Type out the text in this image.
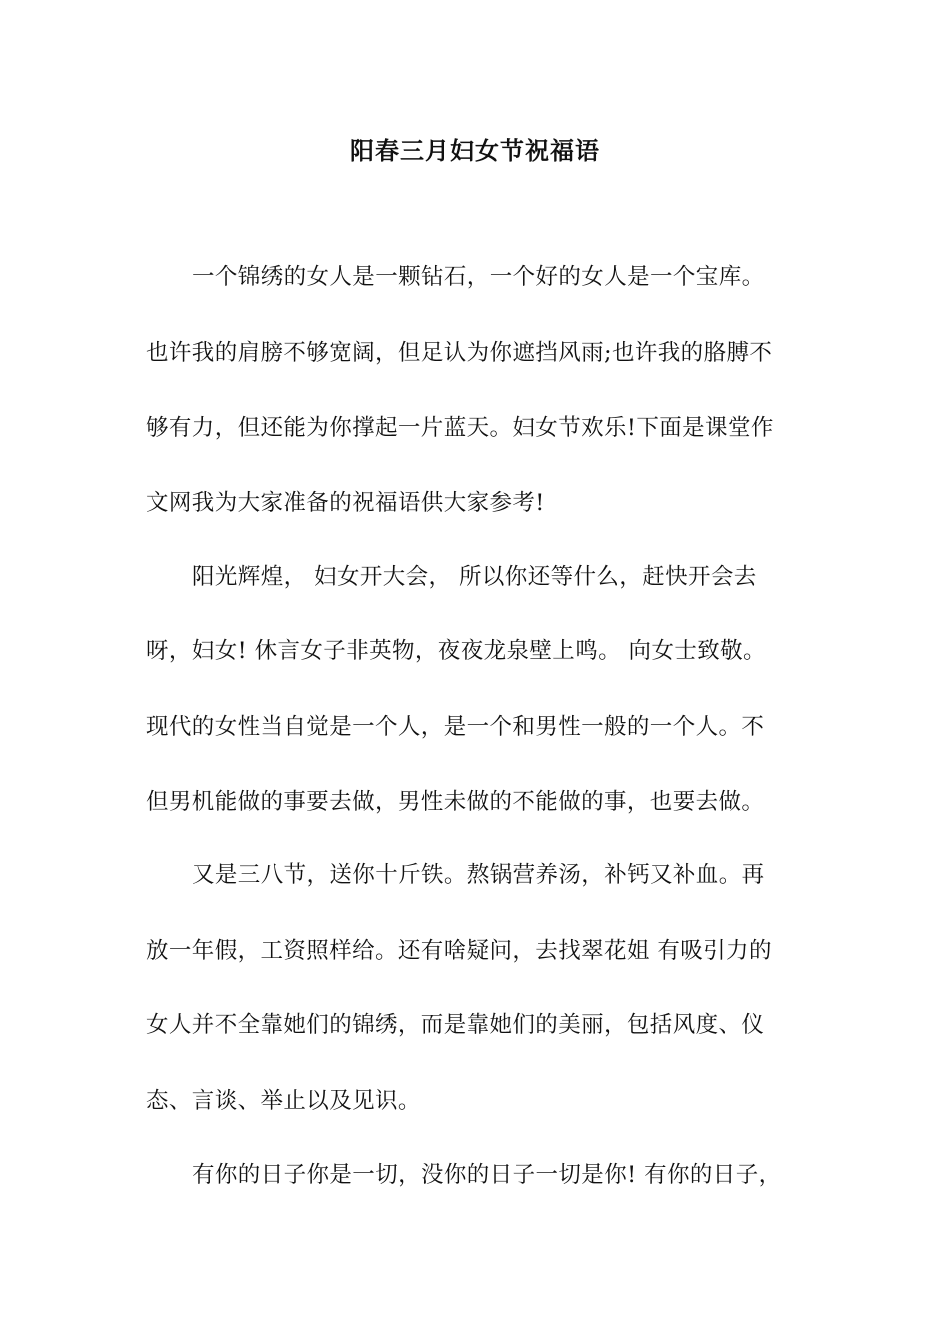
阳春三月妇女节祝福语
一个锦绣的女人是一颗钻石，一个好的女人是一个宝库。
也许我的肩膀不够宽阔，但足认为你遮挡风雨;也许我的胳膊不
够有力，但还能为你撑起一片蓝天。妇女节欢乐!下面是课堂作
文网我为大家准备的祝福语供大家参考!
阳光辉煌， 妇女开大会， 所以你还等什么，赶快开会去
呀，妇女! 休言女子非英物，夜夜龙泉壁上鸣。 向女士致敬。
现代的女性当自觉是一个人，是一个和男性一般的一个人。不
但男机能做的事要去做，男性未做的不能做的事，也要去做。
又是三八节，送你十斤铁。熬锅营养汤，补钙又补血。再
放一年假，工资照样给。还有啥疑问，去找翠花姐 有吸引力的
女人并不全靠她们的锦绣，而是靠她们的美丽，包括风度、仪
态、言谈、举止以及见识。
有你的日子你是一切，没你的日子一切是你! 有你的日子，
